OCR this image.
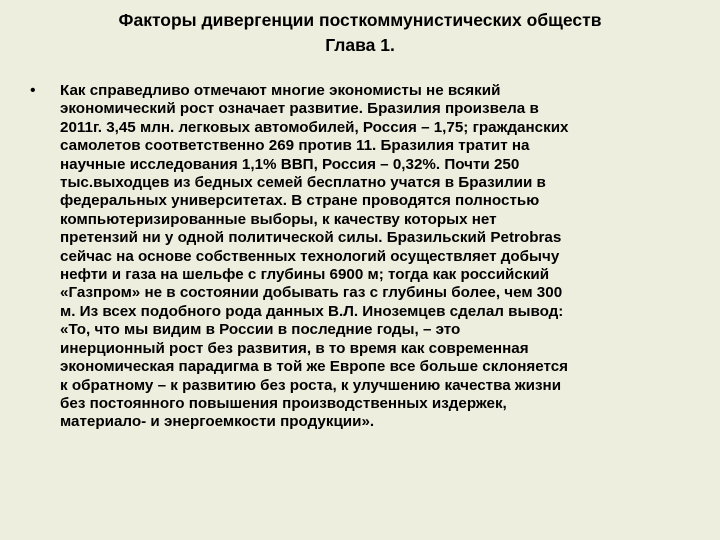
Факторы дивергенции посткоммунистических обществ
Глава 1.
•	Как справедливо отмечают многие экономисты не всякий
экономический рост означает развитие. Бразилия произвела в
2011г. 3,45 млн. легковых автомобилей, Россия – 1,75; гражданских
самолетов соответственно 269 против 11. Бразилия тратит на
научные исследования 1,1% ВВП, Россия – 0,32%. Почти 250
тыс.выходцев из бедных семей бесплатно учатся в Бразилии в
федеральных университетах. В стране проводятся полностью
компьютеризированные выборы, к качеству которых нет
претензий ни у одной политической силы. Бразильский Petrobras
сейчас на основе собственных технологий осуществляет добычу
нефти и газа на шельфе с глубины 6900 м; тогда как российский
«Газпром» не в состоянии добывать газ с глубины более, чем 300
м. Из всех подобного рода данных В.Л. Иноземцев сделал вывод:
«То, что мы видим в России в последние годы, – это
инерционный рост без развития, в то время как современная
экономическая парадигма в той же Европе все больше склоняется
к обратному – к развитию без роста, к улучшению качества жизни
без постоянного повышения производственных издержек,
материало- и энергоемкости продукции».
